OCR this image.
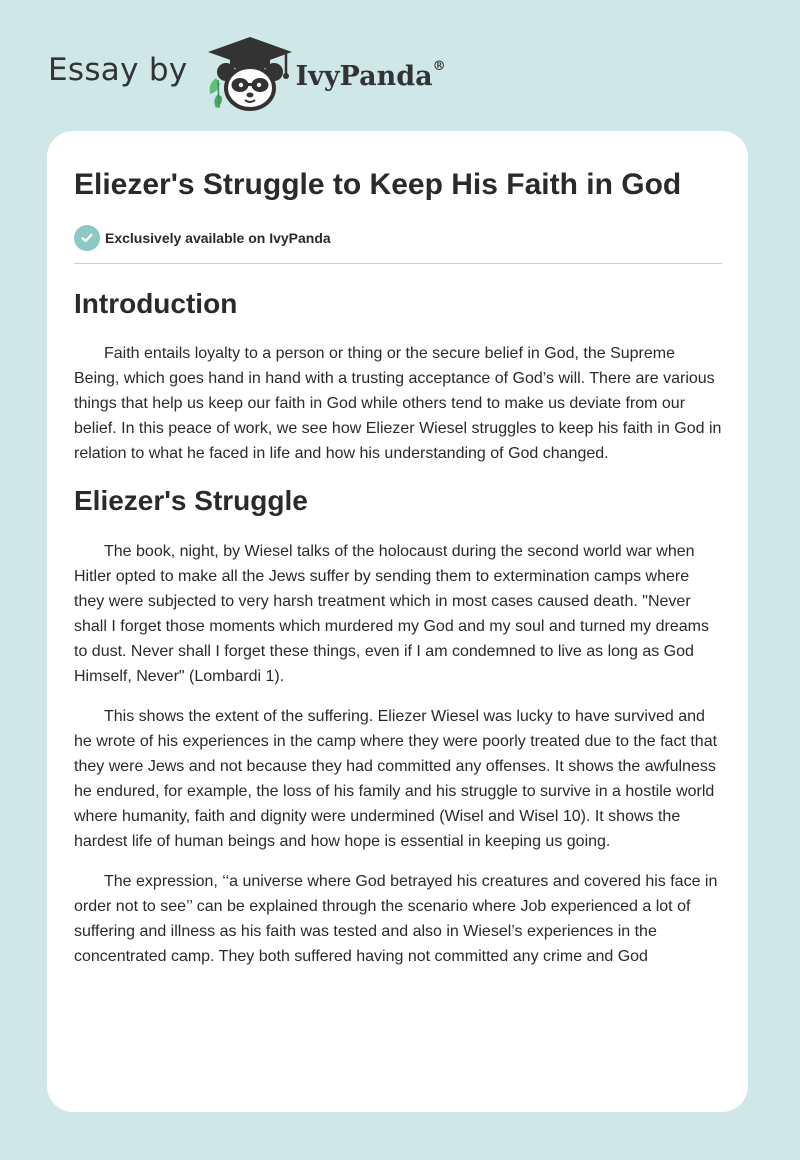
Essay by	IvyPanda®
Eliezer's Struggle to Keep His Faith in God
Exclusively available on IvyPanda
Introduction

Faith entails loyalty to a person or thing or the secure belief in God, the Supreme Being, which goes hand in hand with a trusting acceptance of God’s will. There are various things that help us keep our faith in God while others tend to make us deviate from our belief. In this peace of work, we see how Eliezer Wiesel struggles to keep his faith in God in relation to what he faced in life and how his understanding of God changed.

Eliezer's Struggle

The book, night, by Wiesel talks of the holocaust during the second world war when Hitler opted to make all the Jews suffer by sending them to extermination camps where they were subjected to very harsh treatment which in most cases caused death. "Never shall I forget those moments which murdered my God and my soul and turned my dreams to dust. Never shall I forget these things, even if I am condemned to live as long as God Himself, Never" (Lombardi 1).

This shows the extent of the suffering. Eliezer Wiesel was lucky to have survived and he wrote of his experiences in the camp where they were poorly treated due to the fact that they were Jews and not because they had committed any offenses. It shows the awfulness he endured, for example, the loss of his family and his struggle to survive in a hostile world where humanity, faith and dignity were undermined (Wisel and Wisel 10). It shows the hardest life of human beings and how hope is essential in keeping us going.

The expression, ‘‘a universe where God betrayed his creatures and covered his face in order not to see’’ can be explained through the scenario where Job experienced a lot of suffering and illness as his faith was tested and also in Wiesel’s experiences in the concentrated camp. They both suffered having not committed any crime and God
